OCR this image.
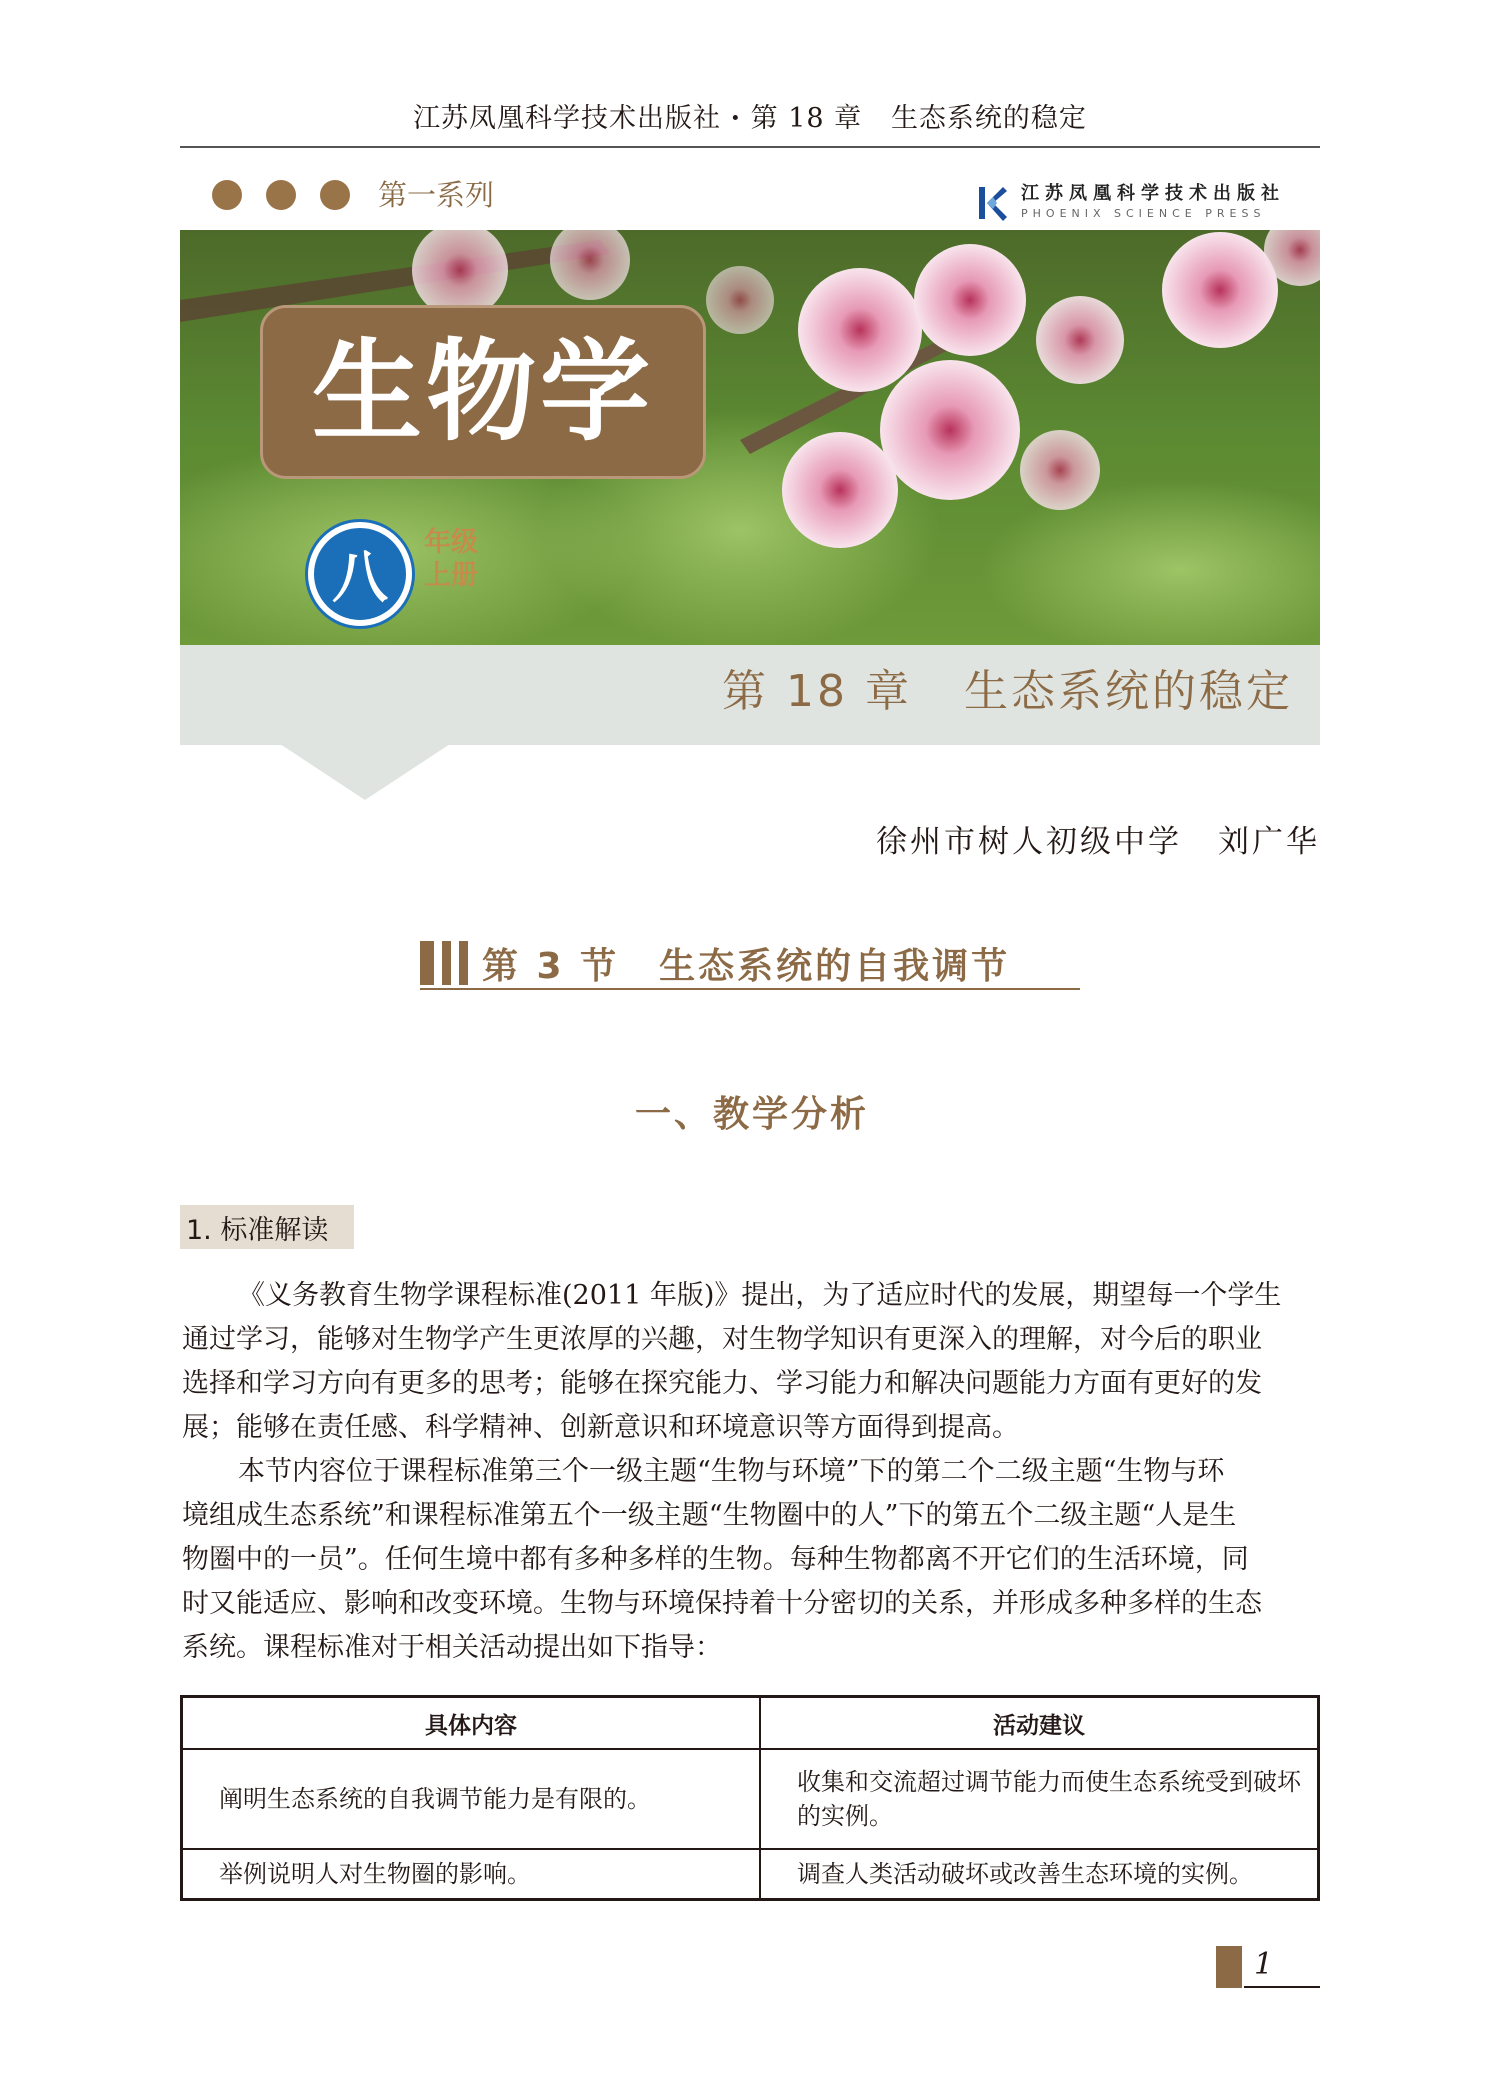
江苏凤凰科学技术出版社 · 第 18 章 生态系统的稳定
第一系列	江苏凤凰科学技术出版社
PHOENIX SCIENCE PRESS
生物学
八
年级
上册
第 18 章 生态系统的稳定
徐州市树人初级中学 刘广华
第 3 节 生态系统的自我调节
一、教学分析
1. 标准解读
《义务教育生物学课程标准(2011 年版)》提出，为了适应时代的发展，期望每一个学生
通过学习，能够对生物学产生更浓厚的兴趣，对生物学知识有更深入的理解，对今后的职业
选择和学习方向有更多的思考；能够在探究能力、学习能力和解决问题能力方面有更好的发
展；能够在责任感、科学精神、创新意识和环境意识等方面得到提高。
本节内容位于课程标准第三个一级主题“生物与环境”下的第二个二级主题“生物与环
境组成生态系统”和课程标准第五个一级主题“生物圈中的人”下的第五个二级主题“人是生
物圈中的一员”。任何生境中都有多种多样的生物。每种生物都离不开它们的生活环境，同
时又能适应、影响和改变环境。生物与环境保持着十分密切的关系，并形成多种多样的生态
系统。课程标准对于相关活动提出如下指导：
具体内容	活动建议
阐明生态系统的自我调节能力是有限的。	收集和交流超过调节能力而使生态系统受到破坏的实例。
举例说明人对生物圈的影响。	调查人类活动破坏或改善生态环境的实例。
1
